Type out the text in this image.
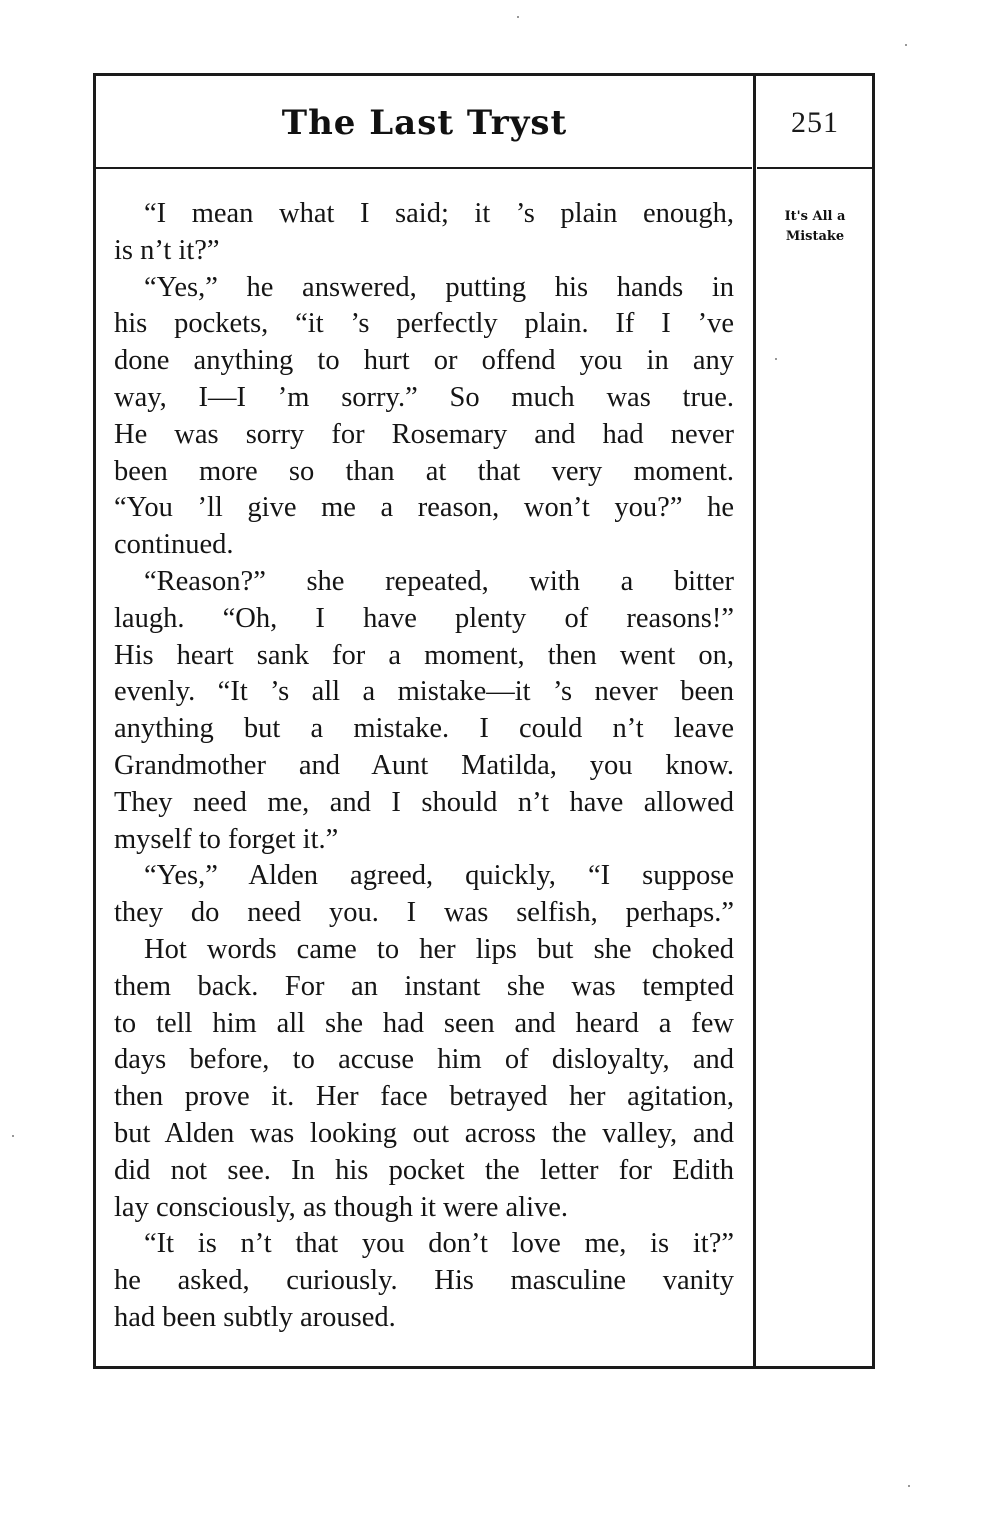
The Last Tryst	251
It's All a
Mistake
“I mean what I said; it ’s plain enough,
is n’t it?”
“Yes,” he answered, putting his hands in
his pockets, “it ’s perfectly plain. If I ’ve
done anything to hurt or offend you in any
way, I—I ’m sorry.” So much was true.
He was sorry for Rosemary and had never
been more so than at that very moment.
“You ’ll give me a reason, won’t you?” he
continued.
“Reason?” she repeated, with a bitter
laugh. “Oh, I have plenty of reasons!”
His heart sank for a moment, then went on,
evenly. “It ’s all a mistake—it ’s never been
anything but a mistake. I could n’t leave
Grandmother and Aunt Matilda, you know.
They need me, and I should n’t have allowed
myself to forget it.”
“Yes,” Alden agreed, quickly, “I suppose
they do need you. I was selfish, perhaps.”
Hot words came to her lips but she choked
them back. For an instant she was tempted
to tell him all she had seen and heard a few
days before, to accuse him of disloyalty, and
then prove it. Her face betrayed her agitation,
but Alden was looking out across the valley, and
did not see. In his pocket the letter for Edith
lay consciously, as though it were alive.
“It is n’t that you don’t love me, is it?”
he asked, curiously. His masculine vanity
had been subtly aroused.
